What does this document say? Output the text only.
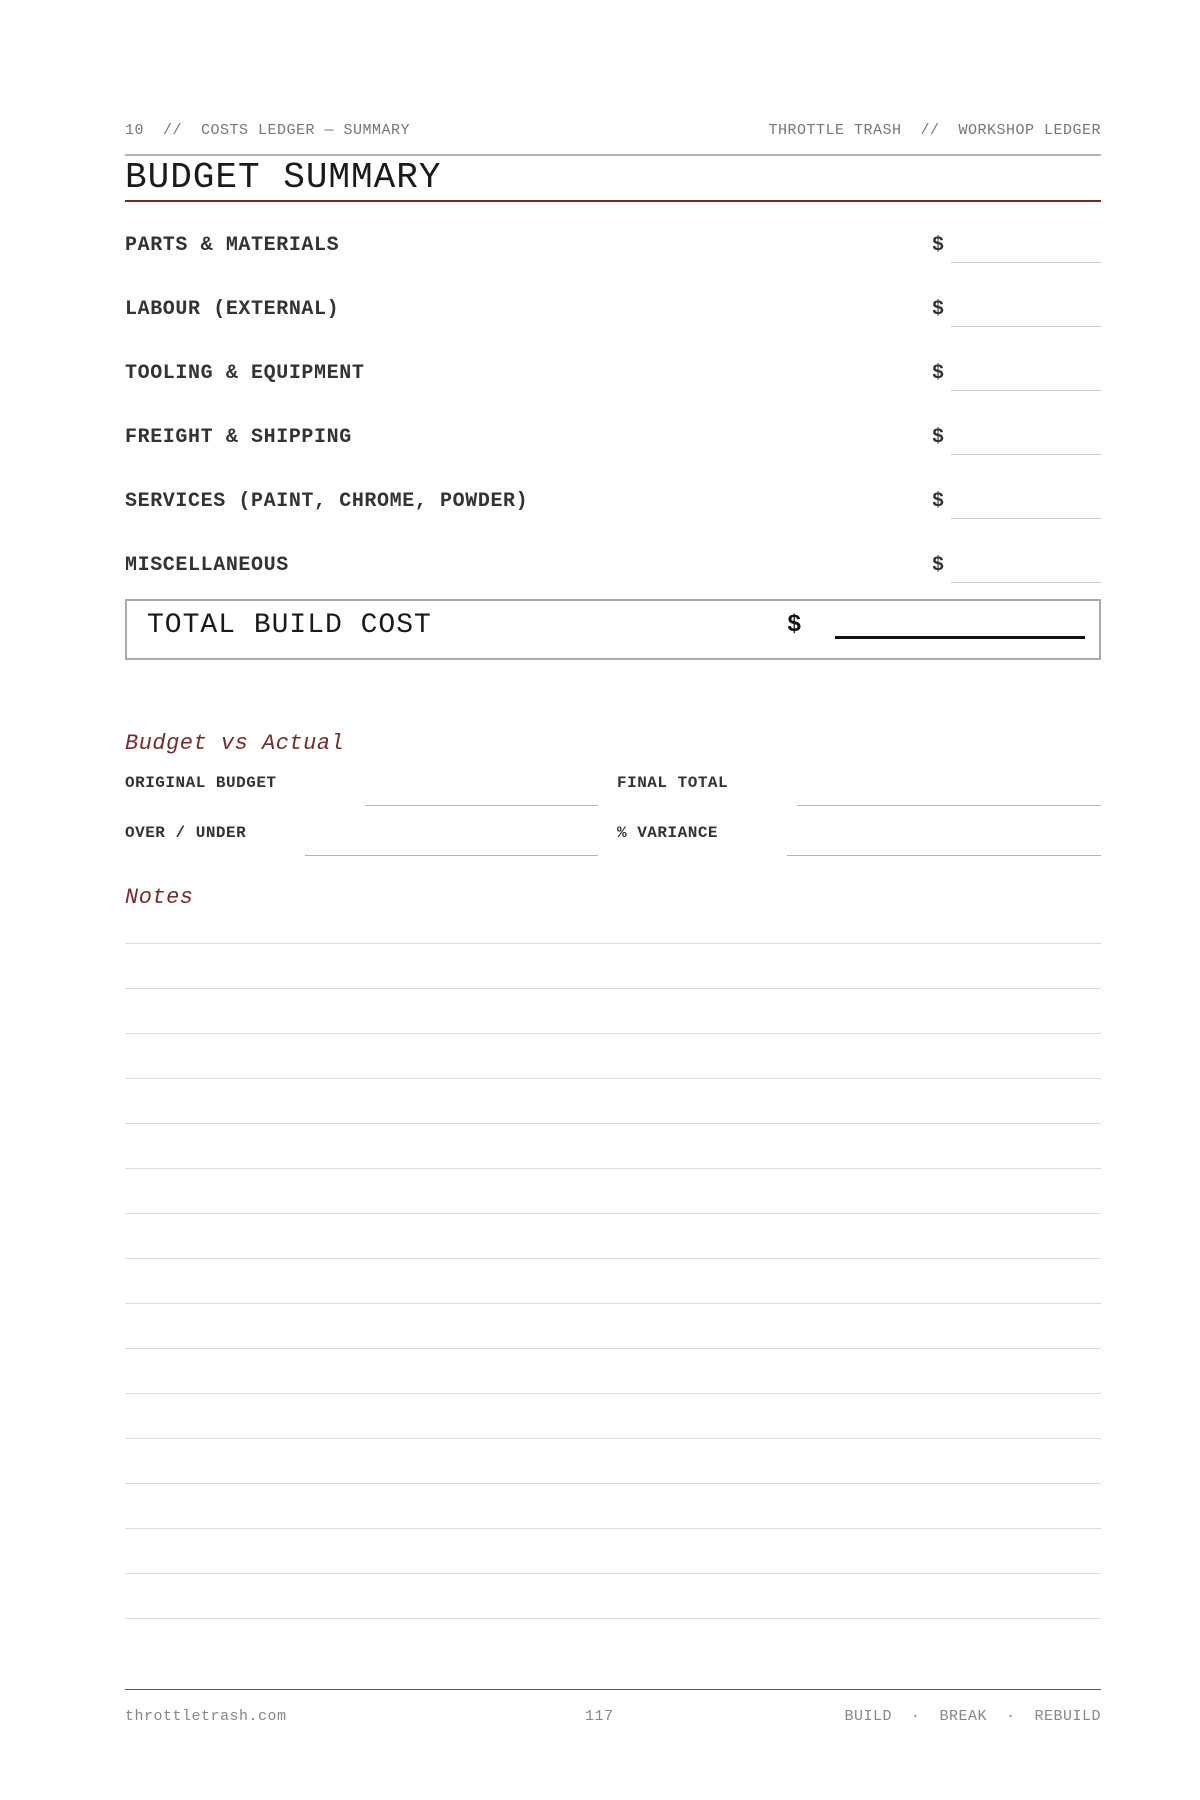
10  //  COSTS LEDGER — SUMMARY	THROTTLE TRASH  //  WORKSHOP LEDGER
BUDGET SUMMARY
PARTS & MATERIALS	$
LABOUR (EXTERNAL)	$
TOOLING & EQUIPMENT	$
FREIGHT & SHIPPING	$
SERVICES (PAINT, CHROME, POWDER)	$
MISCELLANEOUS	$
TOTAL BUILD COST	$
Budget vs Actual
ORIGINAL BUDGET	FINAL TOTAL
OVER / UNDER	% VARIANCE
Notes
throttletrash.com	117	BUILD  ·  BREAK  ·  REBUILD
